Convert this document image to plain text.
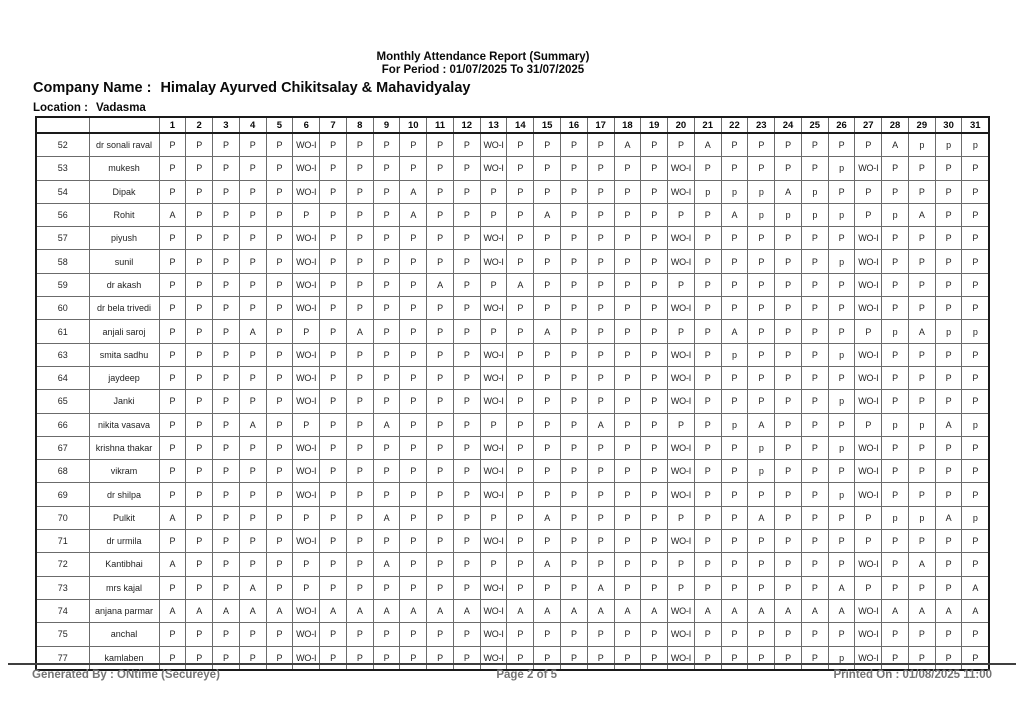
Monthly Attendance Report (Summary)
For Period : 01/07/2025 To 31/07/2025
Company Name : Himalay Ayurved Chikitsalay & Mahavidyalay
Location : Vadasma
		1	2	3	4	5	6	7	8	9	10	11	12	13	14	15	16	17	18	19	20	21	22	23	24	25	26	27	28	29	30	31
52	dr sonali raval	P	P	P	P	P	WO-I	P	P	P	P	P	P	WO-I	P	P	P	P	A	P	P	A	P	P	P	P	P	P	A	p	p	p
53	mukesh	P	P	P	P	P	WO-I	P	P	P	P	P	P	WO-I	P	P	P	P	P	P	WO-I	P	P	P	P	P	p	WO-I	P	P	P	P
54	Dipak	P	P	P	P	P	WO-I	P	P	P	A	P	P	P	P	P	P	P	P	P	WO-I	p	p	p	A	p	P	P	P	P	P	P
56	Rohit	A	P	P	P	P	P	P	P	P	A	P	P	P	P	A	P	P	P	P	P	P	A	p	p	p	p	P	p	A	P	P
57	piyush	P	P	P	P	P	WO-I	P	P	P	P	P	P	WO-I	P	P	P	P	P	P	WO-I	P	P	P	P	P	P	WO-I	P	P	P	P
58	sunil	P	P	P	P	P	WO-I	P	P	P	P	P	P	WO-I	P	P	P	P	P	P	WO-I	P	P	P	P	P	p	WO-I	P	P	P	P
59	dr akash	P	P	P	P	P	WO-I	P	P	P	P	A	P	P	A	P	P	P	P	P	P	P	P	P	P	P	P	WO-I	P	P	P	P
60	dr bela trivedi	P	P	P	P	P	WO-I	P	P	P	P	P	P	WO-I	P	P	P	P	P	P	WO-I	P	P	P	P	P	P	WO-I	P	P	P	P
61	anjali saroj	P	P	P	A	P	P	P	A	P	P	P	P	P	P	A	P	P	P	P	P	P	A	P	P	P	P	P	p	A	p	p
63	smita sadhu	P	P	P	P	P	WO-I	P	P	P	P	P	P	WO-I	P	P	P	P	P	P	WO-I	P	p	P	P	P	p	WO-I	P	P	P	P
64	jaydeep	P	P	P	P	P	WO-I	P	P	P	P	P	P	WO-I	P	P	P	P	P	P	WO-I	P	P	P	P	P	P	WO-I	P	P	P	P
65	Janki	P	P	P	P	P	WO-I	P	P	P	P	P	P	WO-I	P	P	P	P	P	P	WO-I	P	P	P	P	P	p	WO-I	P	P	P	P
66	nikita vasava	P	P	P	A	P	P	P	P	A	P	P	P	P	P	P	P	A	P	P	P	P	p	A	P	P	P	P	p	p	A	p
67	krishna thakar	P	P	P	P	P	WO-I	P	P	P	P	P	P	WO-I	P	P	P	P	P	P	WO-I	P	P	p	P	P	p	WO-I	P	P	P	P
68	vikram	P	P	P	P	P	WO-I	P	P	P	P	P	P	WO-I	P	P	P	P	P	P	WO-I	P	P	p	P	P	P	WO-I	P	P	P	P
69	dr shilpa	P	P	P	P	P	WO-I	P	P	P	P	P	P	WO-I	P	P	P	P	P	P	WO-I	P	P	P	P	P	p	WO-I	P	P	P	P
70	Pulkit	A	P	P	P	P	P	P	P	A	P	P	P	P	P	A	P	P	P	P	P	P	P	A	P	P	P	P	p	p	A	p
71	dr urmila	P	P	P	P	P	WO-I	P	P	P	P	P	P	WO-I	P	P	P	P	P	P	WO-I	P	P	P	P	P	P	P	P	P	P	P
72	Kantibhai	A	P	P	P	P	P	P	P	A	P	P	P	P	P	A	P	P	P	P	P	P	P	P	P	P	P	WO-I	P	A	P	P
73	mrs kajal	P	P	P	A	P	P	P	P	P	P	P	P	WO-I	P	P	P	A	P	P	P	P	P	P	P	P	A	P	P	P	P	A
74	anjana parmar	A	A	A	A	A	WO-I	A	A	A	A	A	A	WO-I	A	A	A	A	A	A	WO-I	A	A	A	A	A	A	WO-I	A	A	A	A
75	anchal	P	P	P	P	P	WO-I	P	P	P	P	P	P	WO-I	P	P	P	P	P	P	WO-I	P	P	P	P	P	P	WO-I	P	P	P	P
77	kamlaben	P	P	P	P	P	WO-I	P	P	P	P	P	P	WO-I	P	P	P	P	P	P	WO-I	P	P	P	P	P	p	WO-I	P	P	P	P
Generated By : ONtime (Secureye)	Page 2 of 5	Printed On : 01/08/2025 11:00
